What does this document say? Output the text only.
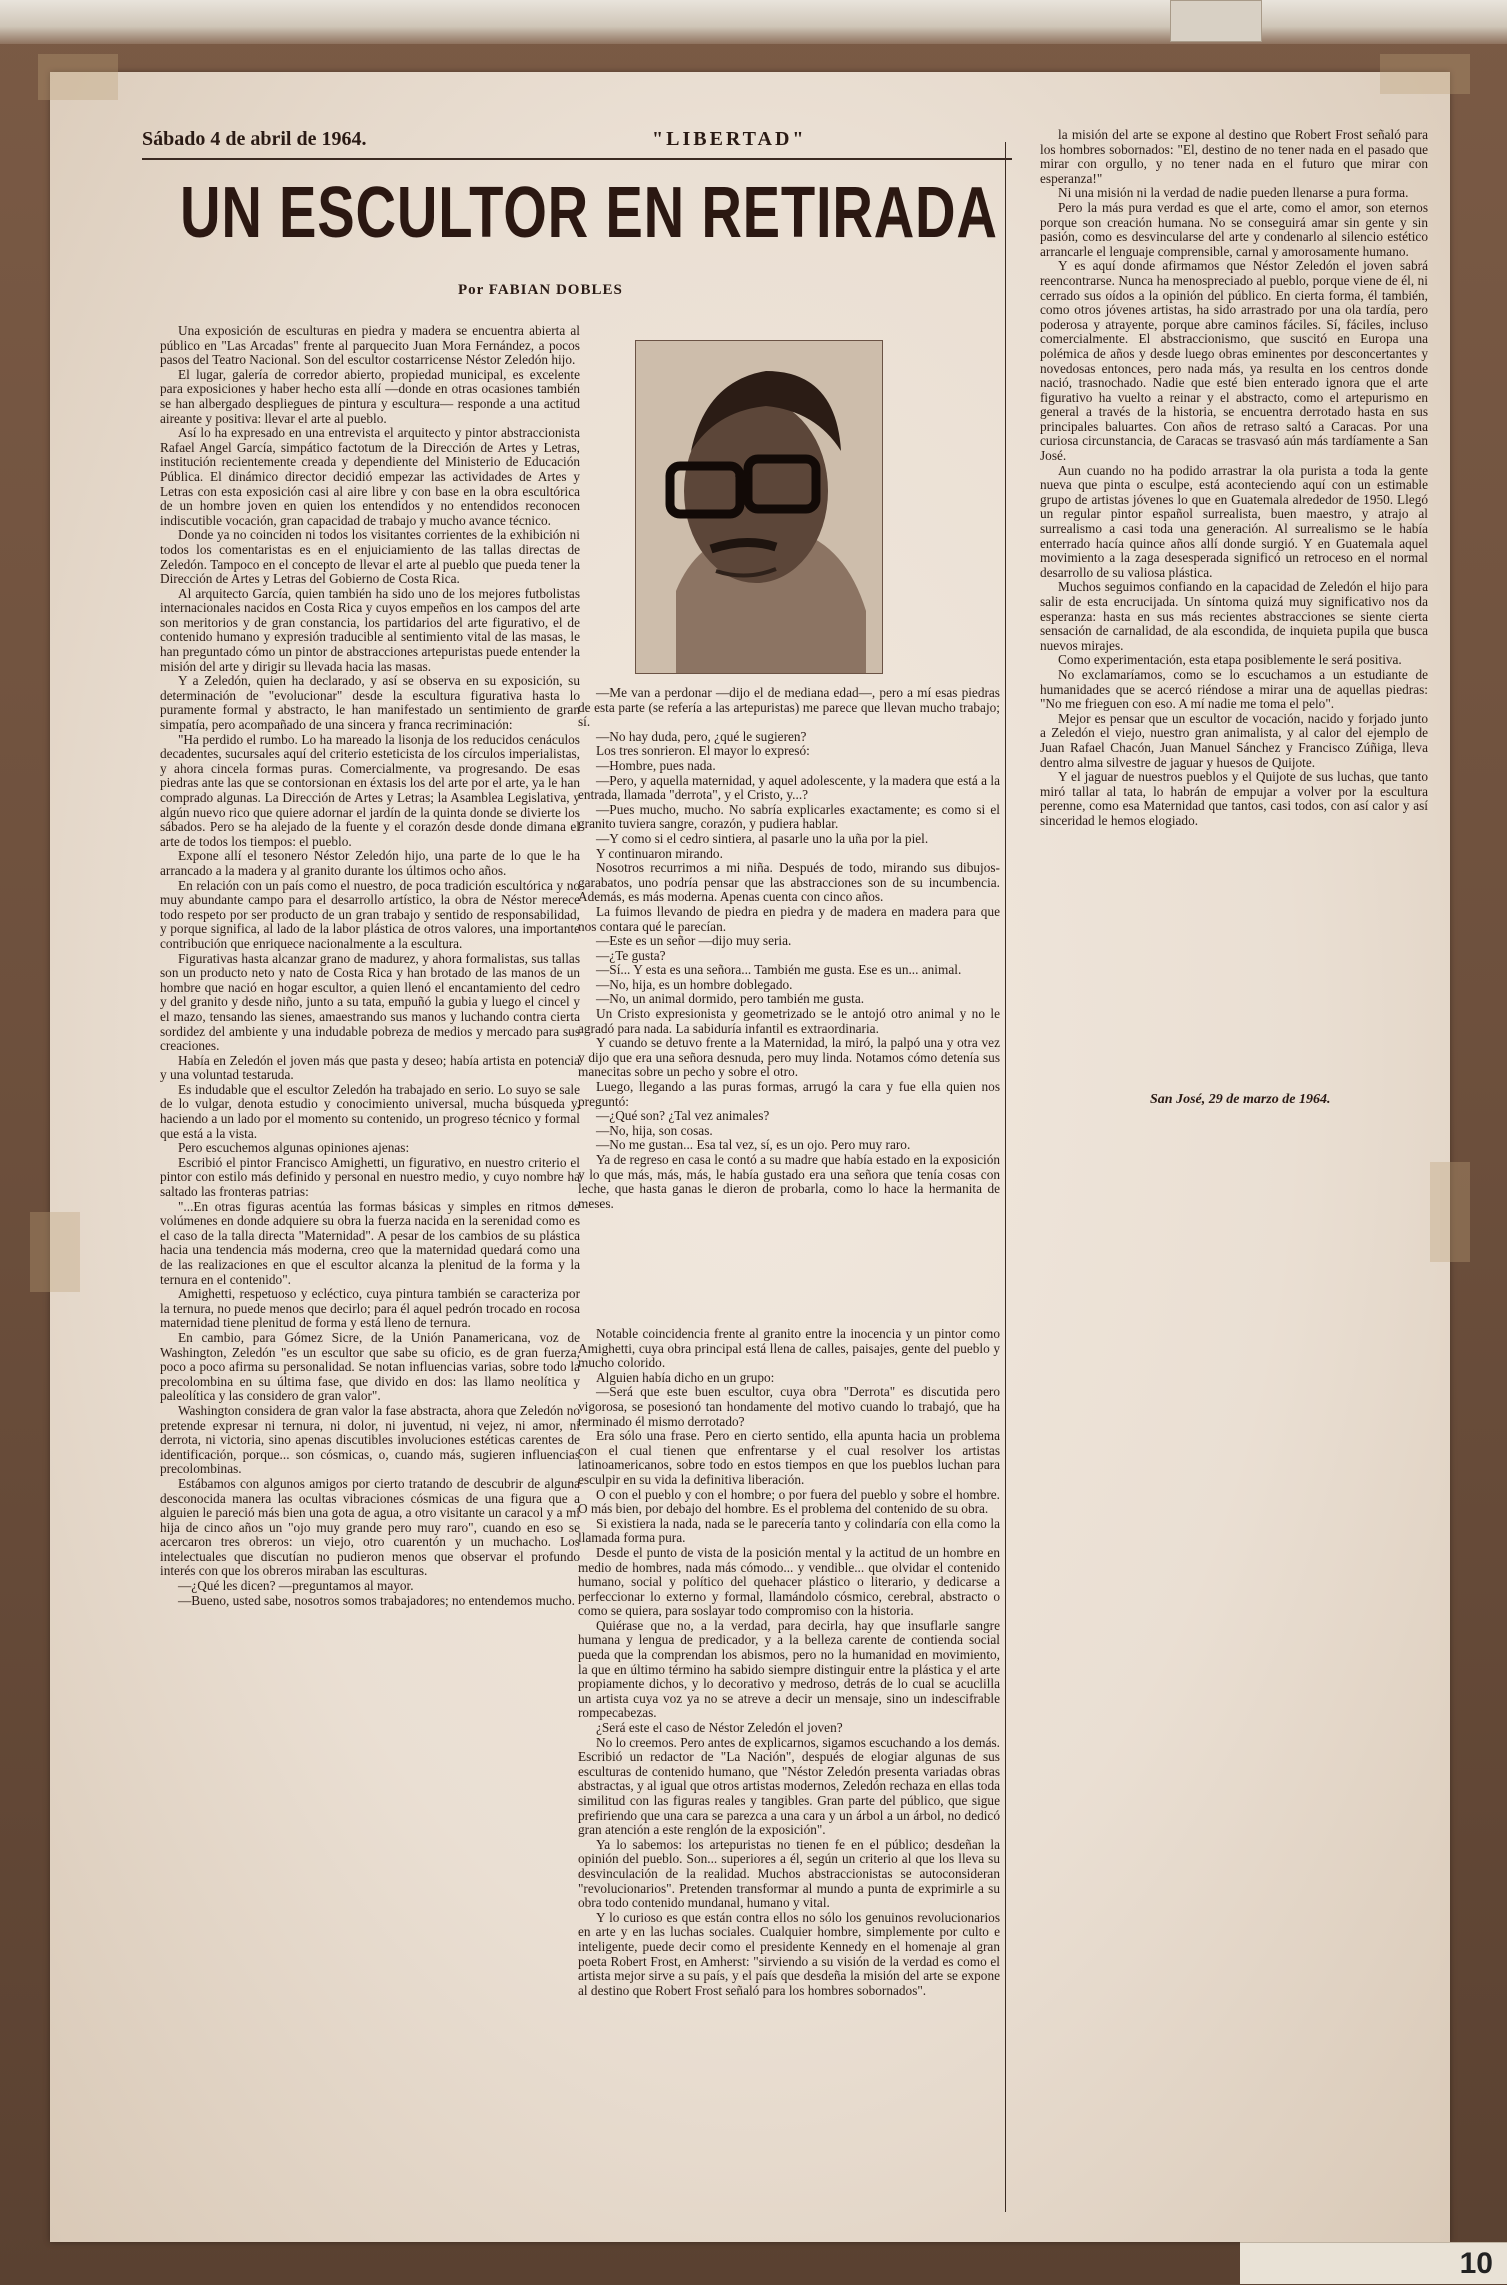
Sábado 4 de abril de 1964.	"LIBERTAD"
UN ESCULTOR EN RETIRADA
Por FABIAN DOBLES

Una exposición de esculturas en piedra y madera se encuentra abierta al público en "Las Arcadas" frente al parquecito Juan Mora Fernández, a pocos pasos del Teatro Nacional. Son del escultor costarricense Néstor Zeledón hijo.

El lugar, galería de corredor abierto, propiedad municipal, es excelente para exposiciones y haber hecho esta allí —donde en otras ocasiones también se han albergado despliegues de pintura y escultura— responde a una actitud aireante y positiva: llevar el arte al pueblo.

Así lo ha expresado en una entrevista el arquitecto y pintor abstraccionista Rafael Angel García, simpático factotum de la Dirección de Artes y Letras, institución recientemente creada y dependiente del Ministerio de Educación Pública. El dinámico director decidió empezar las actividades de Artes y Letras con esta exposición casi al aire libre y con base en la obra escultórica de un hombre joven en quien los entendidos y no entendidos reconocen indiscutible vocación, gran capacidad de trabajo y mucho avance técnico.

Donde ya no coinciden ni todos los visitantes corrientes de la exhibición ni todos los comentaristas es en el enjuiciamiento de las tallas directas de Zeledón. Tampoco en el concepto de llevar el arte al pueblo que pueda tener la Dirección de Artes y Letras del Gobierno de Costa Rica.

Al arquitecto García, quien también ha sido uno de los mejores futbolistas internacionales nacidos en Costa Rica y cuyos empeños en los campos del arte son meritorios y de gran constancia, los partidarios del arte figurativo, el de contenido humano y expresión traducible al sentimiento vital de las masas, le han preguntado cómo un pintor de abstracciones artepuristas puede entender la misión del arte y dirigir su llevada hacia las masas.

Y a Zeledón, quien ha declarado, y así se observa en su exposición, su determinación de "evolucionar" desde la escultura figurativa hasta lo puramente formal y abstracto, le han manifestado un sentimiento de gran simpatía, pero acompañado de una sincera y franca recriminación:

"Ha perdido el rumbo. Lo ha mareado la lisonja de los reducidos cenáculos decadentes, sucursales aquí del criterio esteticista de los círculos imperialistas, y ahora cincela formas puras. Comercialmente, va progresando. De esas piedras ante las que se contorsionan en éxtasis los del arte por el arte, ya le han comprado algunas. La Dirección de Artes y Letras; la Asamblea Legislativa, y algún nuevo rico que quiere adornar el jardín de la quinta donde se divierte los sábados. Pero se ha alejado de la fuente y el corazón desde donde dimana el arte de todos los tiempos: el pueblo.

Expone allí el tesonero Néstor Zeledón hijo, una parte de lo que le ha arrancado a la madera y al granito durante los últimos ocho años.

En relación con un país como el nuestro, de poca tradición escultórica y no muy abundante campo para el desarrollo artístico, la obra de Néstor merece todo respeto por ser producto de un gran trabajo y sentido de responsabilidad, y porque significa, al lado de la labor plástica de otros valores, una importante contribución que enriquece nacionalmente a la escultura.

Figurativas hasta alcanzar grano de madurez, y ahora formalistas, sus tallas son un producto neto y nato de Costa Rica y han brotado de las manos de un hombre que nació en hogar escultor, a quien llenó el encantamiento del cedro y del granito y desde niño, junto a su tata, empuñó la gubia y luego el cincel y el mazo, tensando las sienes, amaestrando sus manos y luchando contra cierta sordidez del ambiente y una indudable pobreza de medios y mercado para sus creaciones.

Había en Zeledón el joven más que pasta y deseo; había artista en potencia y una voluntad testaruda.

Es indudable que el escultor Zeledón ha trabajado en serio. Lo suyo se sale de lo vulgar, denota estudio y conocimiento universal, mucha búsqueda y, haciendo a un lado por el momento su contenido, un progreso técnico y formal que está a la vista.

Pero escuchemos algunas opiniones ajenas:

Escribió el pintor Francisco Amighetti, un figurativo, en nuestro criterio el pintor con estilo más definido y personal en nuestro medio, y cuyo nombre ha saltado las fronteras patrias:

"...En otras figuras acentúa las formas básicas y simples en ritmos de volúmenes en donde adquiere su obra la fuerza nacida en la serenidad como es el caso de la talla directa "Maternidad". A pesar de los cambios de su plástica hacia una tendencia más moderna, creo que la maternidad quedará como una de las realizaciones en que el escultor alcanza la plenitud de la forma y la ternura en el contenido".

Amighetti, respetuoso y ecléctico, cuya pintura también se caracteriza por la ternura, no puede menos que decirlo; para él aquel pedrón trocado en rocosa maternidad tiene plenitud de forma y está lleno de ternura.

En cambio, para Gómez Sicre, de la Unión Panamericana, voz de Washington, Zeledón "es un escultor que sabe su oficio, es de gran fuerza, poco a poco afirma su personalidad. Se notan influencias varias, sobre todo la precolombina en su última fase, que divido en dos: las llamo neolítica y paleolítica y las considero de gran valor".

Washington considera de gran valor la fase abstracta, ahora que Zeledón no pretende expresar ni ternura, ni dolor, ni juventud, ni vejez, ni amor, ni derrota, ni victoria, sino apenas discutibles involuciones estéticas carentes de identificación, porque... son cósmicas, o, cuando más, sugieren influencias precolombinas.

Estábamos con algunos amigos por cierto tratando de descubrir de alguna desconocida manera las ocultas vibraciones cósmicas de una figura que a alguien le pareció más bien una gota de agua, a otro visitante un caracol y a mi hija de cinco años un "ojo muy grande pero muy raro", cuando en eso se acercaron tres obreros: un viejo, otro cuarentón y un muchacho. Los intelectuales que discutían no pudieron menos que observar el profundo interés con que los obreros miraban las esculturas.

—¿Qué les dicen? —preguntamos al mayor.

—Bueno, usted sabe, nosotros somos trabajadores; no entendemos mucho.

—Me van a perdonar —dijo el de mediana edad—, pero a mí esas piedras de esta parte (se refería a las artepuristas) me parece que llevan mucho trabajo; sí.

—No hay duda, pero, ¿qué le sugieren?

Los tres sonrieron. El mayor lo expresó:

—Hombre, pues nada.

—Pero, y aquella maternidad, y aquel adolescente, y la madera que está a la entrada, llamada "derrota", y el Cristo, y...?

—Pues mucho, mucho. No sabría explicarles exactamente; es como si el granito tuviera sangre, corazón, y pudiera hablar.

—Y como si el cedro sintiera, al pasarle uno la uña por la piel.

Y continuaron mirando.

Nosotros recurrimos a mi niña. Después de todo, mirando sus dibujos-garabatos, uno podría pensar que las abstracciones son de su incumbencia. Además, es más moderna. Apenas cuenta con cinco años.

La fuimos llevando de piedra en piedra y de madera en madera para que nos contara qué le parecían.

—Este es un señor —dijo muy seria.

—¿Te gusta?

—Sí... Y esta es una señora... También me gusta. Ese es un... animal.

—No, hija, es un hombre doblegado.

—No, un animal dormido, pero también me gusta.

Un Cristo expresionista y geometrizado se le antojó otro animal y no le agradó para nada. La sabiduría infantil es extraordinaria.

Y cuando se detuvo frente a la Maternidad, la miró, la palpó una y otra vez y dijo que era una señora desnuda, pero muy linda. Notamos cómo detenía sus manecitas sobre un pecho y sobre el otro.

Luego, llegando a las puras formas, arrugó la cara y fue ella quien nos preguntó:

—¿Qué son? ¿Tal vez animales?

—No, hija, son cosas.

—No me gustan... Esa tal vez, sí, es un ojo. Pero muy raro.

Ya de regreso en casa le contó a su madre que había estado en la exposición y lo que más, más, más, le había gustado era una señora que tenía cosas con leche, que hasta ganas le dieron de probarla, como lo hace la hermanita de meses.

Notable coincidencia frente al granito entre la inocencia y un pintor como Amighetti, cuya obra principal está llena de calles, paisajes, gente del pueblo y mucho colorido.

Alguien había dicho en un grupo:

—Será que este buen escultor, cuya obra "Derrota" es discutida pero vigorosa, se posesionó tan hondamente del motivo cuando lo trabajó, que ha terminado él mismo derrotado?

Era sólo una frase. Pero en cierto sentido, ella apunta hacia un problema con el cual tienen que enfrentarse y el cual resolver los artistas latinoamericanos, sobre todo en estos tiempos en que los pueblos luchan para esculpir en su vida la definitiva liberación.

O con el pueblo y con el hombre; o por fuera del pueblo y sobre el hombre. O más bien, por debajo del hombre. Es el problema del contenido de su obra.

Si existiera la nada, nada se le parecería tanto y colindaría con ella como la llamada forma pura.

Desde el punto de vista de la posición mental y la actitud de un hombre en medio de hombres, nada más cómodo... y vendible... que olvidar el contenido humano, social y político del quehacer plástico o literario, y dedicarse a perfeccionar lo externo y formal, llamándolo cósmico, cerebral, abstracto o como se quiera, para soslayar todo compromiso con la historia.

Quiérase que no, a la verdad, para decirla, hay que insuflarle sangre humana y lengua de predicador, y a la belleza carente de contienda social pueda que la comprendan los abismos, pero no la humanidad en movimiento, la que en último término ha sabido siempre distinguir entre la plástica y el arte propiamente dichos, y lo decorativo y medroso, detrás de lo cual se acuclilla un artista cuya voz ya no se atreve a decir un mensaje, sino un indescifrable rompecabezas.

¿Será este el caso de Néstor Zeledón el joven?

No lo creemos. Pero antes de explicarnos, sigamos escuchando a los demás. Escribió un redactor de "La Nación", después de elogiar algunas de sus esculturas de contenido humano, que "Néstor Zeledón presenta variadas obras abstractas, y al igual que otros artistas modernos, Zeledón rechaza en ellas toda similitud con las figuras reales y tangibles. Gran parte del público, que sigue prefiriendo que una cara se parezca a una cara y un árbol a un árbol, no dedicó gran atención a este renglón de la exposición".

Ya lo sabemos: los artepuristas no tienen fe en el público; desdeñan la opinión del pueblo. Son... superiores a él, según un criterio al que los lleva su desvinculación de la realidad. Muchos abstraccionistas se autoconsideran "revolucionarios". Pretenden transformar al mundo a punta de exprimirle a su obra todo contenido mundanal, humano y vital.

Y lo curioso es que están contra ellos no sólo los genuinos revolucionarios en arte y en las luchas sociales. Cualquier hombre, simplemente por culto e inteligente, puede decir como el presidente Kennedy en el homenaje al gran poeta Robert Frost, en Amherst: "sirviendo a su visión de la verdad es como el artista mejor sirve a su país, y el país que desdeña la misión del arte se expone al destino que Robert Frost señaló para los hombres sobornados".

la misión del arte se expone al destino que Robert Frost señaló para los hombres sobornados: "El, destino de no tener nada en el pasado que mirar con orgullo, y no tener nada en el futuro que mirar con esperanza!"

Ni una misión ni la verdad de nadie pueden llenarse a pura forma.

Pero la más pura verdad es que el arte, como el amor, son eternos porque son creación humana. No se conseguirá amar sin gente y sin pasión, como es desvincularse del arte y condenarlo al silencio estético arrancarle el lenguaje comprensible, carnal y amorosamente humano.

Y es aquí donde afirmamos que Néstor Zeledón el joven sabrá reencontrarse. Nunca ha menospreciado al pueblo, porque viene de él, ni cerrado sus oídos a la opinión del público. En cierta forma, él también, como otros jóvenes artistas, ha sido arrastrado por una ola tardía, pero poderosa y atrayente, porque abre caminos fáciles. Sí, fáciles, incluso comercialmente. El abstraccionismo, que suscitó en Europa una polémica de años y desde luego obras eminentes por desconcertantes y novedosas entonces, pero nada más, ya resulta en los centros donde nació, trasnochado. Nadie que esté bien enterado ignora que el arte figurativo ha vuelto a reinar y el abstracto, como el artepurismo en general a través de la historia, se encuentra derrotado hasta en sus principales baluartes. Con años de retraso saltó a Caracas. Por una curiosa circunstancia, de Caracas se trasvasó aún más tardíamente a San José.

Aun cuando no ha podido arrastrar la ola purista a toda la gente nueva que pinta o esculpe, está aconteciendo aquí con un estimable grupo de artistas jóvenes lo que en Guatemala alrededor de 1950. Llegó un regular pintor español surrealista, buen maestro, y atrajo al surrealismo a casi toda una generación. Al surrealismo se le había enterrado hacía quince años allí donde surgió. Y en Guatemala aquel movimiento a la zaga desesperada significó un retroceso en el normal desarrollo de su valiosa plástica.

Muchos seguimos confiando en la capacidad de Zeledón el hijo para salir de esta encrucijada. Un síntoma quizá muy significativo nos da esperanza: hasta en sus más recientes abstracciones se siente cierta sensación de carnalidad, de ala escondida, de inquieta pupila que busca nuevos mirajes.

Como experimentación, esta etapa posiblemente le será positiva.

No exclamaríamos, como se lo escuchamos a un estudiante de humanidades que se acercó riéndose a mirar una de aquellas piedras: "No me frieguen con eso. A mí nadie me toma el pelo".

Mejor es pensar que un escultor de vocación, nacido y forjado junto a Zeledón el viejo, nuestro gran animalista, y al calor del ejemplo de Juan Rafael Chacón, Juan Manuel Sánchez y Francisco Zúñiga, lleva dentro alma silvestre de jaguar y huesos de Quijote.

Y el jaguar de nuestros pueblos y el Quijote de sus luchas, que tanto miró tallar al tata, lo habrán de empujar a volver por la escultura perenne, como esa Maternidad que tantos, casi todos, con así calor y así sinceridad le hemos elogiado.

San José, 29 de marzo de 1964.
10
